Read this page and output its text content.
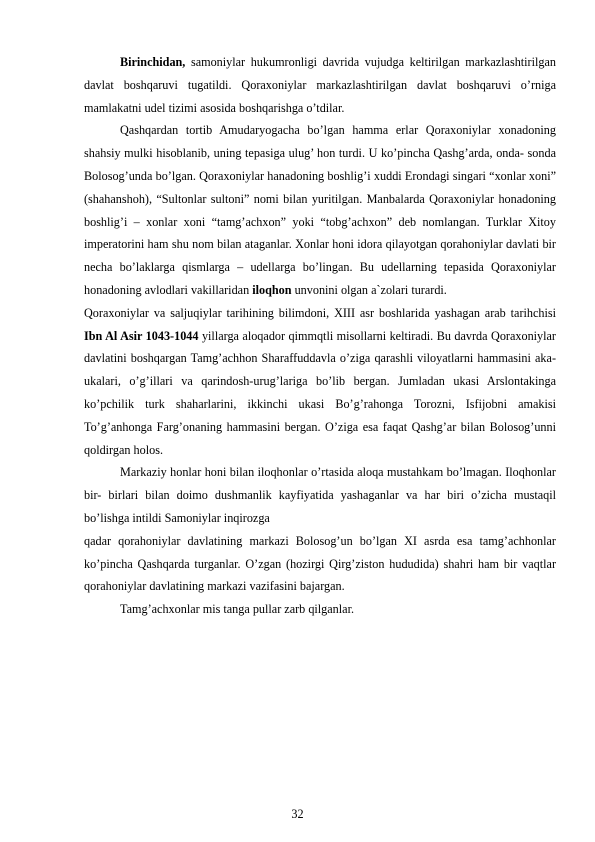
Birinchidan, samoniylar hukumronligi davrida vujudga keltirilgan markazlashtirilgan davlat boshqaruvi tugatildi. Qoraxoniylar markazlashtirilgan davlat boshqaruvi o’rniga mamlakatni udel tizimi asosida boshqarishga o’tdilar.

Qashqardan tortib Amudaryogacha bo’lgan hamma erlar Qoraxoniylar xonadoning shahsiy mulki hisoblanib, uning tepasiga ulug’ hon turdi. U ko’pincha Qashg’arda, onda- sonda Bolosog’unda bo’lgan. Qoraxoniylar hanadoning boshlig’i xuddi Erondagi singari “xonlar xoni” (shahanshoh), “Sultonlar sultoni” nomi bilan yuritilgan. Manbalarda Qoraxoniylar honadoning boshlig’i – xonlar xoni “tamg’achxon” yoki “tobg’achxon” deb nomlangan. Turklar Xitoy imperatorini ham shu nom bilan ataganlar. Xonlar honi idora qilayotgan qorahoniylar davlati bir necha bo’laklarga qismlarga – udellarga bo’lingan. Bu udellarning tepasida Qoraxoniylar honadoning avlodlari vakillaridan iloqhon unvonini olgan a`zolari turardi.

Qoraxoniylar va saljuqiylar tarihining bilimdoni, XIII asr boshlarida yashagan arab tarihchisi Ibn Al Asir 1043-1044 yillarga aloqador qimmqtli misollarni keltiradi. Bu davrda Qoraxoniylar davlatini boshqargan Tamg’achhon Sharaffuddavla o’ziga qarashli viloyatlarni hammasini aka- ukalari, o’g’illari va qarindosh-urug’lariga bo’lib bergan. Jumladan ukasi Arslontakinga ko’pchilik turk shaharlarini, ikkinchi ukasi Bo’g’rahonga Torozni, Isfijobni amakisi To’g’anhonga Farg’onaning hammasini bergan. O’ziga esa faqat Qashg’ar bilan Bolosog’unni qoldirgan holos.

Markaziy honlar honi bilan iloqhonlar o’rtasida aloqa mustahkam bo’lmagan. Iloqhonlar bir- birlari bilan doimo dushmanlik kayfiyatida yashaganlar va har biri o’zicha mustaqil bo’lishga intildi Samoniylar inqirozga

qadar qorahoniylar davlatining markazi Bolosog’un bo’lgan XI asrda esa tamg’achhonlar ko’pincha Qashqarda turganlar. O’zgan (hozirgi Qirg’ziston hududida) shahri ham bir vaqtlar qorahoniylar davlatining markazi vazifasini bajargan.

Tamg’achxonlar mis tanga pullar zarb qilganlar.

32
